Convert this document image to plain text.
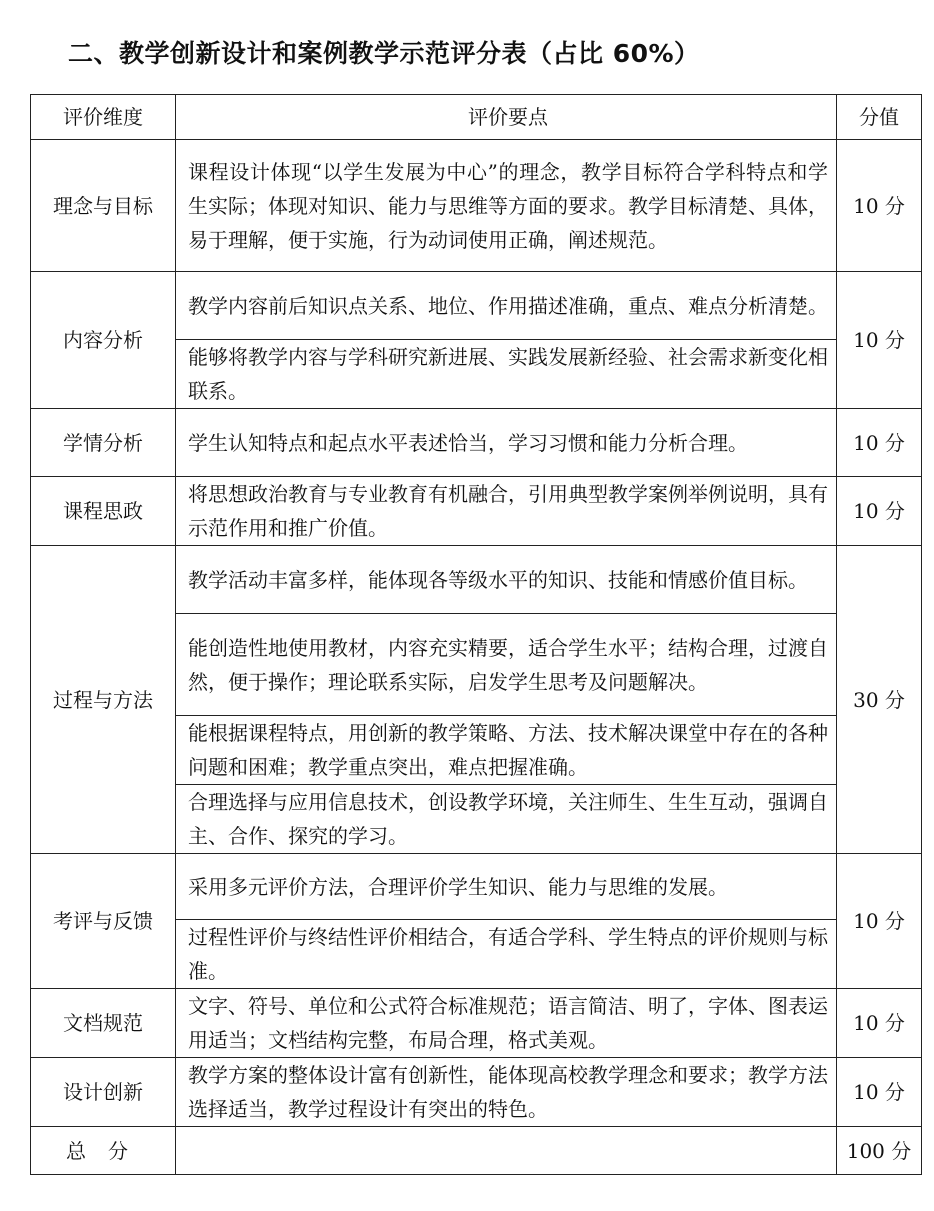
二、教学创新设计和案例教学示范评分表（占比 60%）
评价维度	评价要点	分值
理念与目标	课程设计体现“以学生发展为中心”的理念，教学目标符合学科特点和学生实际；体现对知识、能力与思维等方面的要求。教学目标清楚、具体，易于理解，便于实施，行为动词使用正确，阐述规范。	10 分
内容分析	教学内容前后知识点关系、地位、作用描述准确，重点、难点分析清楚。	10 分
	能够将教学内容与学科研究新进展、实践发展新经验、社会需求新变化相联系。	
学情分析	学生认知特点和起点水平表述恰当，学习习惯和能力分析合理。	10 分
课程思政	将思想政治教育与专业教育有机融合，引用典型教学案例举例说明，具有示范作用和推广价值。	10 分
过程与方法	教学活动丰富多样，能体现各等级水平的知识、技能和情感价值目标。	30 分
	能创造性地使用教材，内容充实精要，适合学生水平；结构合理，过渡自然，便于操作；理论联系实际，启发学生思考及问题解决。	
	能根据课程特点，用创新的教学策略、方法、技术解决课堂中存在的各种问题和困难；教学重点突出，难点把握准确。	
	合理选择与应用信息技术，创设教学环境，关注师生、生生互动，强调自主、合作、探究的学习。	
考评与反馈	采用多元评价方法，合理评价学生知识、能力与思维的发展。	10 分
	过程性评价与终结性评价相结合，有适合学科、学生特点的评价规则与标准。	
文档规范	文字、符号、单位和公式符合标准规范；语言简洁、明了，字体、图表运用适当；文档结构完整，布局合理，格式美观。	10 分
设计创新	教学方案的整体设计富有创新性，能体现高校教学理念和要求；教学方法选择适当，教学过程设计有突出的特色。	10 分
总分		100 分
